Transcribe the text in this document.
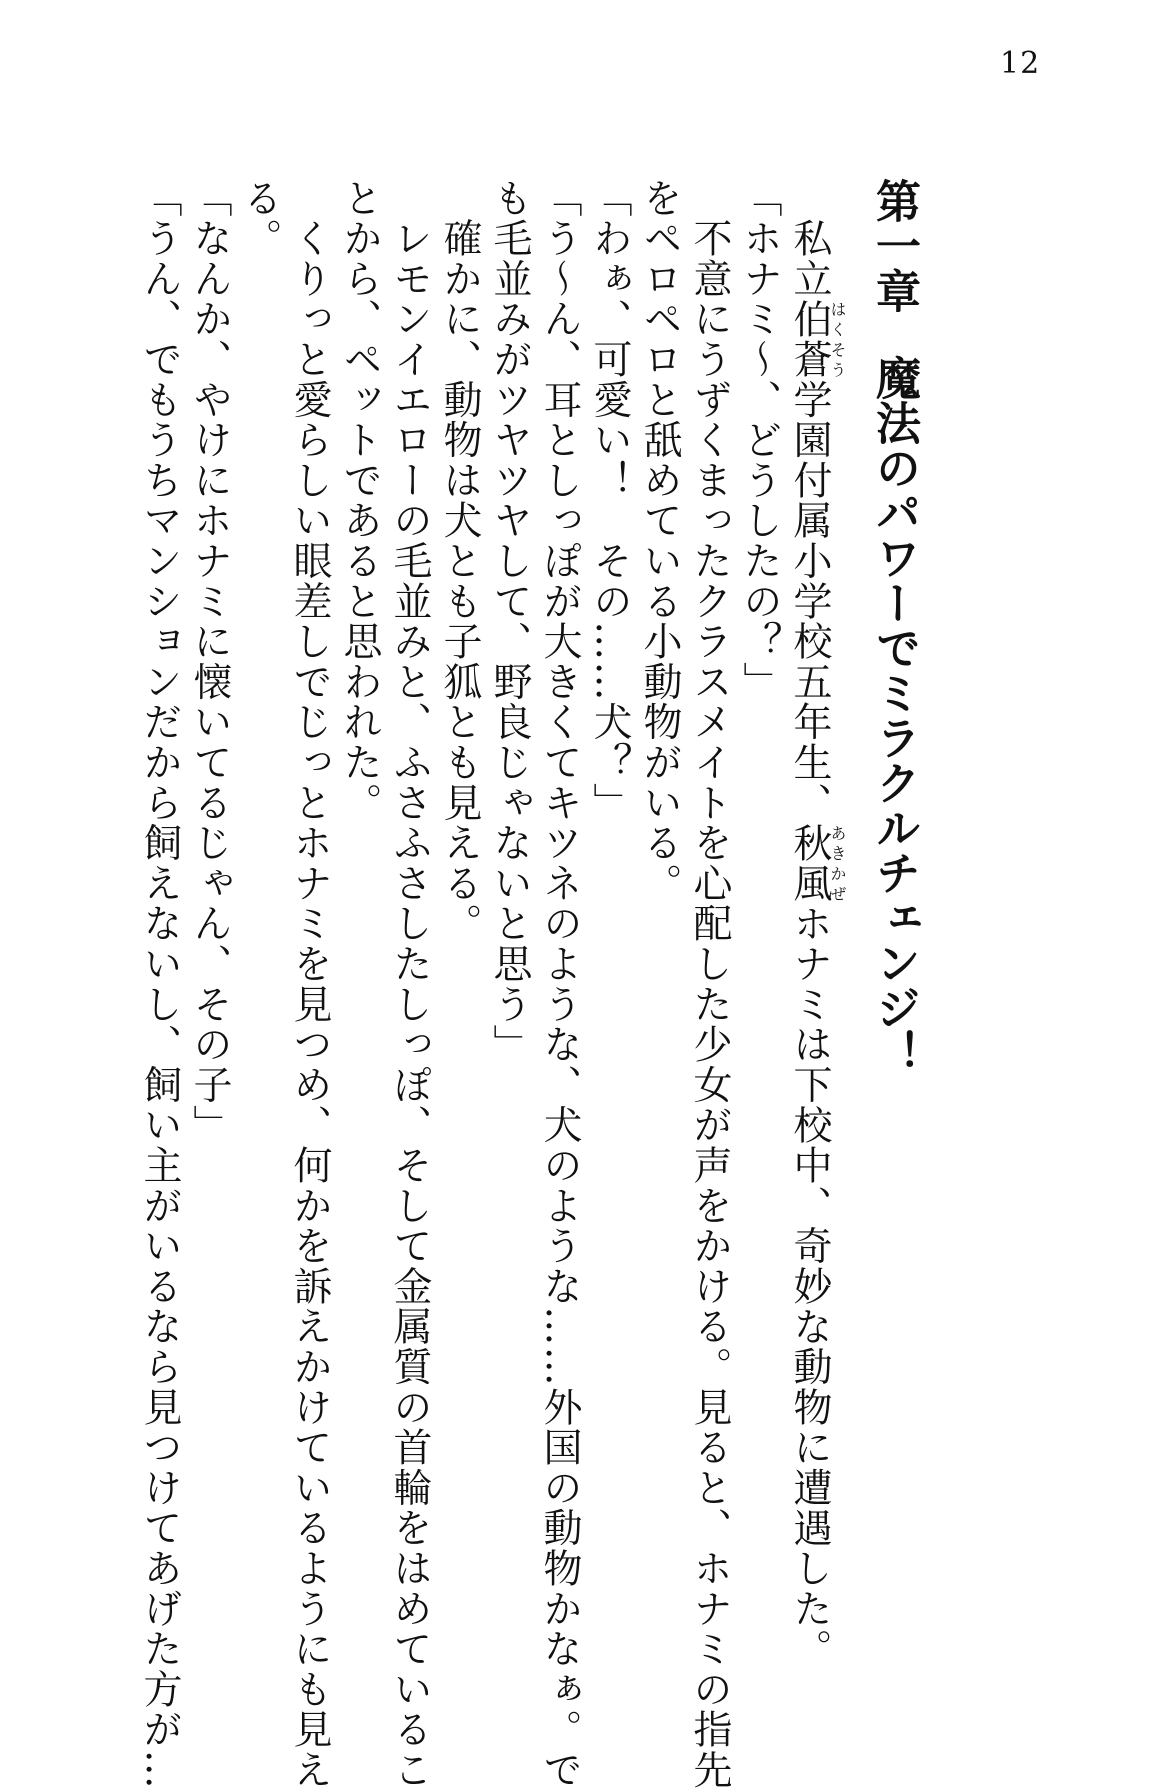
12
第一章魔法のパワーでミラクルチェンジ！
　私立伯蒼はくそう学園付属小学校五年生、秋風あきかぜホナミは下校中、奇妙な動物に遭遇した。
「ホナミ～、どうしたの？」
　不意にうずくまったクラスメイトを心配した少女が声をかける。見ると、ホナミの指先
をペロペロと舐めている小動物がいる。
「わぁ、可愛い！　その……犬？」
「う～ん、耳としっぽが大きくてキツネのような、犬のような……外国の動物かなぁ。で
も毛並みがツヤツヤして、野良じゃないと思う」
　確かに、動物は犬とも子狐とも見える。
　レモンイエローの毛並みと、ふさふさしたしっぽ、そして金属質の首輪をはめているこ
とから、ペットであると思われた。
　くりっと愛らしい眼差しでじっとホナミを見つめ、何かを訴えかけているようにも見え
る。
「なんか、やけにホナミに懐いてるじゃん、その子」
「うん、でもうちマンションだから飼えないし、飼い主がいるなら見つけてあげた方が…
